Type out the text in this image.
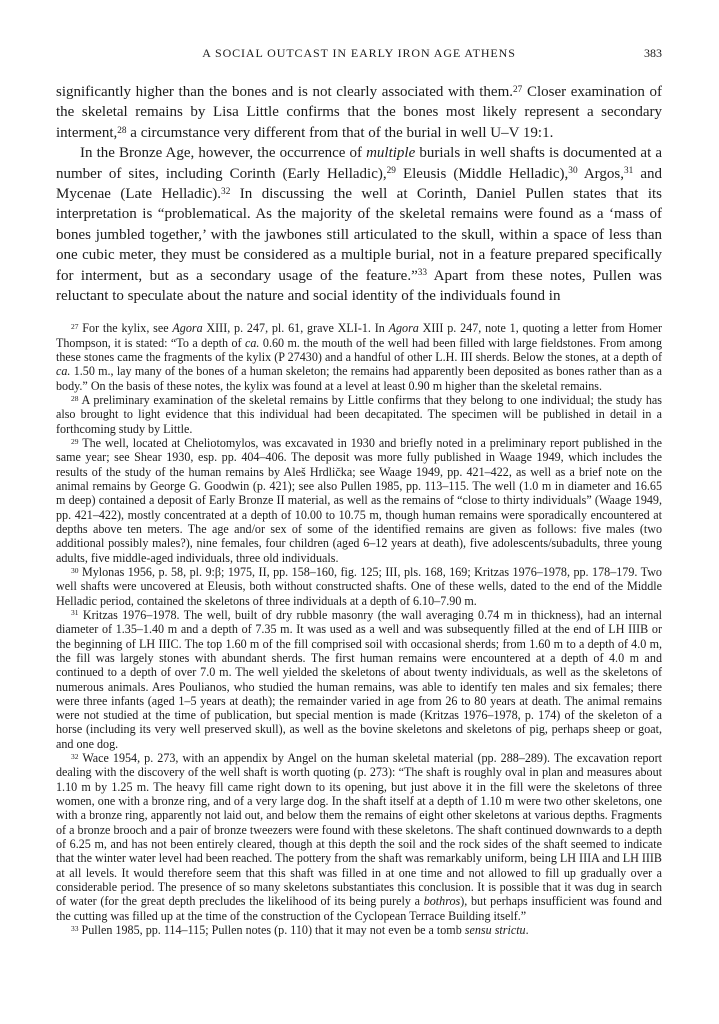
A SOCIAL OUTCAST IN EARLY IRON AGE ATHENS	383

significantly higher than the bones and is not clearly associated with them.$^{27}$ Closer examination of the skeletal remains by Lisa Little confirms that the bones most likely represent a secondary interment,$^{28}$ a circumstance very different from that of the burial in well U–V 19:1.

In the Bronze Age, however, the occurrence of multiple burials in well shafts is documented at a number of sites, including Corinth (Early Helladic),$^{29}$ Eleusis (Middle Helladic),$^{30}$ Argos,$^{31}$ and Mycenae (Late Helladic).$^{32}$ In discussing the well at Corinth, Daniel Pullen states that its interpretation is “problematical. As the majority of the skeletal remains were found as a ‘mass of bones jumbled together,’ with the jawbones still articulated to the skull, within a space of less than one cubic meter, they must be considered as a multiple burial, not in a feature prepared specifically for interment, but as a secondary usage of the feature.”$^{33}$ Apart from these notes, Pullen was reluctant to speculate about the nature and social identity of the individuals found in

$^{27}$ For the kylix, see Agora XIII, p. 247, pl. 61, grave XLI-1. In Agora XIII p. 247, note 1, quoting a letter from Homer Thompson, it is stated: “To a depth of ca. 0.60 m. the mouth of the well had been filled with large fieldstones. From among these stones came the fragments of the kylix (P 27430) and a handful of other L.H. III sherds. Below the stones, at a depth of ca. 1.50 m., lay many of the bones of a human skeleton; the remains had apparently been deposited as bones rather than as a body.” On the basis of these notes, the kylix was found at a level at least 0.90 m higher than the skeletal remains.

$^{28}$ A preliminary examination of the skeletal remains by Little confirms that they belong to one individual; the study has also brought to light evidence that this individual had been decapitated. The specimen will be published in detail in a forthcoming study by Little.

$^{29}$ The well, located at Cheliotomylos, was excavated in 1930 and briefly noted in a preliminary report published in the same year; see Shear 1930, esp. pp. 404–406. The deposit was more fully published in Waage 1949, which includes the results of the study of the human remains by Aleš Hrdlička; see Waage 1949, pp. 421–422, as well as a brief note on the animal remains by George G. Goodwin (p. 421); see also Pullen 1985, pp. 113–115. The well (1.0 m in diameter and 16.65 m deep) contained a deposit of Early Bronze II material, as well as the remains of “close to thirty individuals” (Waage 1949, pp. 421–422), mostly concentrated at a depth of 10.00 to 10.75 m, though human remains were sporadically encountered at depths above ten meters. The age and/or sex of some of the identified remains are given as follows: five males (two additional possibly males?), nine females, four children (aged 6–12 years at death), five adolescents/subadults, three young adults, five middle-aged individuals, three old individuals.

$^{30}$ Mylonas 1956, p. 58, pl. 9:β; 1975, II, pp. 158–160, fig. 125; III, pls. 168, 169; Kritzas 1976–1978, pp. 178–179. Two well shafts were uncovered at Eleusis, both without constructed shafts. One of these wells, dated to the end of the Middle Helladic period, contained the skeletons of three individuals at a depth of 6.10–7.90 m.

$^{31}$ Kritzas 1976–1978. The well, built of dry rubble masonry (the wall averaging 0.74 m in thickness), had an internal diameter of 1.35–1.40 m and a depth of 7.35 m. It was used as a well and was subsequently filled at the end of LH IIIB or the beginning of LH IIIC. The top 1.60 m of the fill comprised soil with occasional sherds; from 1.60 m to a depth of 4.0 m, the fill was largely stones with abundant sherds. The first human remains were encountered at a depth of 4.0 m and continued to a depth of over 7.0 m. The well yielded the skeletons of about twenty individuals, as well as the skeletons of numerous animals. Ares Poulianos, who studied the human remains, was able to identify ten males and six females; there were three infants (aged 1–5 years at death); the remainder varied in age from 26 to 80 years at death. The animal remains were not studied at the time of publication, but special mention is made (Kritzas 1976–1978, p. 174) of the skeleton of a horse (including its very well preserved skull), as well as the bovine skeletons and skeletons of pig, perhaps sheep or goat, and one dog.

$^{32}$ Wace 1954, p. 273, with an appendix by Angel on the human skeletal material (pp. 288–289). The excavation report dealing with the discovery of the well shaft is worth quoting (p. 273): “The shaft is roughly oval in plan and measures about 1.10 m by 1.25 m. The heavy fill came right down to its opening, but just above it in the fill were the skeletons of three women, one with a bronze ring, and of a very large dog. In the shaft itself at a depth of 1.10 m were two other skeletons, one with a bronze ring, apparently not laid out, and below them the remains of eight other skeletons at various depths. Fragments of a bronze brooch and a pair of bronze tweezers were found with these skeletons. The shaft continued downwards to a depth of 6.25 m, and has not been entirely cleared, though at this depth the soil and the rock sides of the shaft seemed to indicate that the winter water level had been reached. The pottery from the shaft was remarkably uniform, being LH IIIA and LH IIIB at all levels. It would therefore seem that this shaft was filled in at one time and not allowed to fill up gradually over a considerable period. The presence of so many skeletons substantiates this conclusion. It is possible that it was dug in search of water (for the great depth precludes the likelihood of its being purely a bothros), but perhaps insufficient was found and the cutting was filled up at the time of the construction of the Cyclopean Terrace Building itself.”

$^{33}$ Pullen 1985, pp. 114–115; Pullen notes (p. 110) that it may not even be a tomb sensu strictu.
